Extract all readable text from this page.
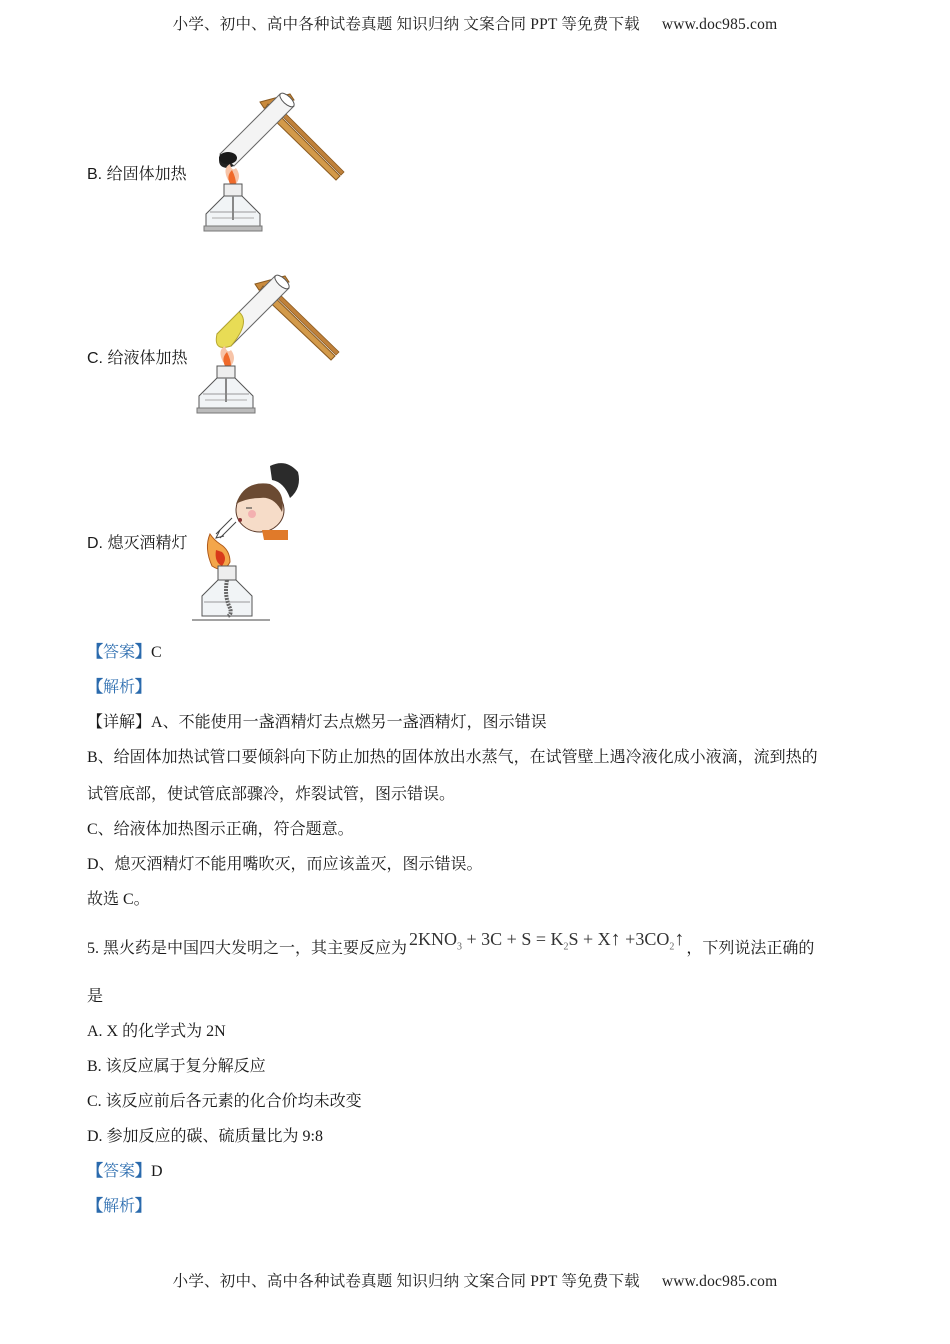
小学、初中、高中各种试卷真题 知识归纳 文案合同 PPT 等免费下载 www.doc985.com
B. 给固体加热
C. 给液体加热
D. 熄灭酒精灯
【答案】C
【解析】
【详解】A、不能使用一盏酒精灯去点燃另一盏酒精灯，图示错误
B、给固体加热试管口要倾斜向下防止加热的固体放出水蒸气，在试管壁上遇冷液化成小液滴，流到热的
试管底部，使试管底部骤冷，炸裂试管，图示错误。
C、给液体加热图示正确，符合题意。
D、熄灭酒精灯不能用嘴吹灭，而应该盖灭，图示错误。
故选 C。
5. 黑火药是中国四大发明之一，其主要反应为 $2KNO_3 + 3C + S = K_2S$ + X↑ $+3CO_2↑$ ，下列说法正确的
是
A. X 的化学式为 2N
B. 该反应属于复分解反应
C. 该反应前后各元素的化合价均未改变
D. 参加反应的碳、硫质量比为 9:8
【答案】D
【解析】
小学、初中、高中各种试卷真题 知识归纳 文案合同 PPT 等免费下载 www.doc985.com
